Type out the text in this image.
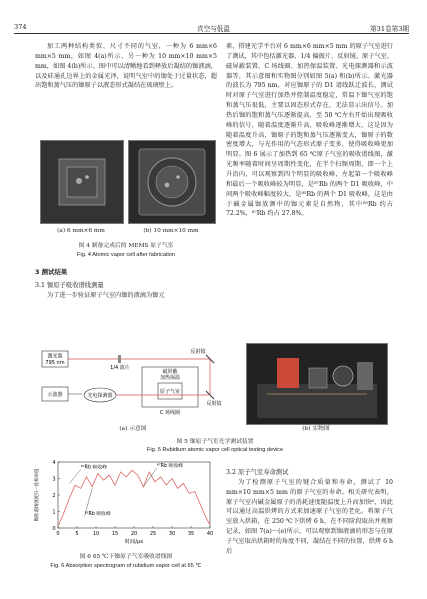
374	真空与低温	第31卷第3期

加工两种结构类似、尺寸不同的气室，一种为 6 mm×6 mm×5 mm，如图 4(a)所示，另一种为 10 mm×10 mm×5 mm，如图 4(b)所示。图中可以清晰地看到释放后凝结的铷液滴，以及硅通孔边界上的金属光泽，说明气室中的铷处于过量状态，超出饱和蒸气压的铷原子以液态形式凝结在玻璃壁上。

(a) 6 mm×6 mm	(b) 10 mm×10 mm
图 4 制备完成后的 MEMS 原子气室
Fig. 4 Atomic vapor cell after fabrication

3 测试结果

3.1 铷原子吸收谱线测量

为了进一步验证原子气室内铷的液滴为铷元

素，搭建光学平台对 6 mm×6 mm×5 mm 的原子气室进行了测试，其中包括激光器、1/4 偏振片、反射镜、原子气室、磁屏蔽装置、C 场线圈、加热保温装置、光电探测器和示波器等，其示意图和实物图分别如图 5(a) 和(b)所示。激光器的波长为 795 nm，对应铷原子的 D1 谱线跃迁波长，测试时对原子气室进行加热并控制温度稳定，常温下铷气室的饱和蒸气压很低，主要以固态形式存在，无法显示出信号。加热后铷的饱和蒸气压逐渐提高，至 50 ℃左右开始出现吸收峰的信号，随着温度逐渐升高，吸收峰逐渐增大，这是因为随着温度升高，铷原子的饱和蒸气压逐渐变大，铷原子的数密度增大，与光作用的气态形式原子变多，使得吸收峰更加明显。图 6 展示了加热到 65 ℃原子气室的吸收谱线图，激光频率随着时间呈周期性变化，在半个扫频周期，即一个上升沿内，可以观察到四个明显的吸收峰，左起第一个吸收峰和最后一个吸收峰较为明显，是⁸⁷Rb 的两个 D1 吸收峰，中间两个吸收峰幅度较大，是⁸⁵Rb 的两个 D1 吸收峰，这是由于碱金属铷放测中的铷元素是自然物，其中⁸⁵Rb 约占 72.2%，⁸⁷Rb 约占 27.8%。

激光器
795 nm
反射镜
1/4 波片
磁屏蔽
加热保温
原子气室
C 场线圈
反射镜
示波器	光电探测器
(a) 示意图	(b) 实物图
图 5 铷原子气室光学测试装置
Fig. 5 Rubidium atomic vapor cell optical testing device
0	5	10	15	20	25	30	35	40
0
1
2
3
4
时间/μs
吸收谱线强度归一化相对值
⁸⁷Rb 吸收峰
⁸⁵Rb 吸收峰
⁸⁷Rb 吸收峰
图 6 65 ℃下铷原子气室吸收谱线图
Fig. 6 Absorption spectrogram of rubidium vapor cell at 65 ℃

3.2 原子气室寿命测试

为了检测原子气室的键合质量和寿命，测试了 10 mm×10 mm×5 mm 的原子气室的寿命。相关研究表明，原子气室内碱金属原子的消耗速度随温度上升而加快⁶，因此可以通过高温烘烤的方式来加速原子气室的老化。将原子气室放入烘箱，在 250 ℃下烘烤 6 h，在不同阶段取出并观察记录，如图 7(a)～(e)所示，可以观察到铷液滴的形态与在原子气室取出烘箱时的角度不同，凝结在不同的位置，烘烤 6 h 后
